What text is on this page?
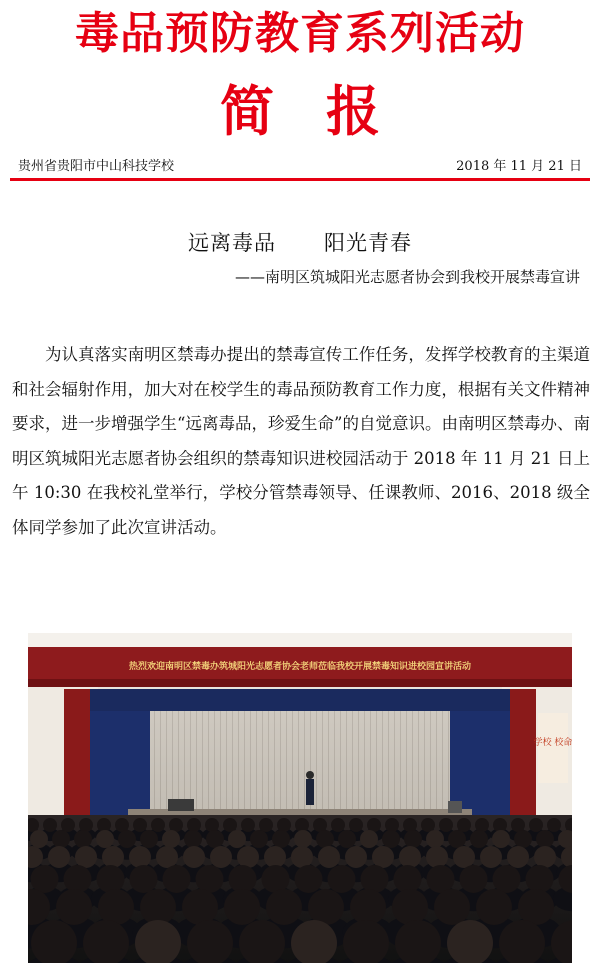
毒品预防教育系列活动
简报
贵州省贵阳市中山科技学校	2018 年 11 月 21 日
远离毒品 阳光青春
——南明区筑城阳光志愿者协会到我校开展禁毒宣讲
为认真落实南明区禁毒办提出的禁毒宣传工作任务，发挥学校教育的主渠道和社会辐射作用，加大对在校学生的毒品预防教育工作力度，根据有关文件精神要求，进一步增强学生“远离毒品，珍爱生命”的自觉意识。由南明区禁毒办、南明区筑城阳光志愿者协会组织的禁毒知识进校园活动于 2018 年 11 月 21 日上午 10:30 在我校礼堂举行，学校分管禁毒领导、任课教师、2016、2018 级全体同学参加了此次宣讲活动。
热烈欢迎南明区禁毒办筑城阳光志愿者协会老师莅临我校开展禁毒知识进校园宣讲活动
学校 校命
